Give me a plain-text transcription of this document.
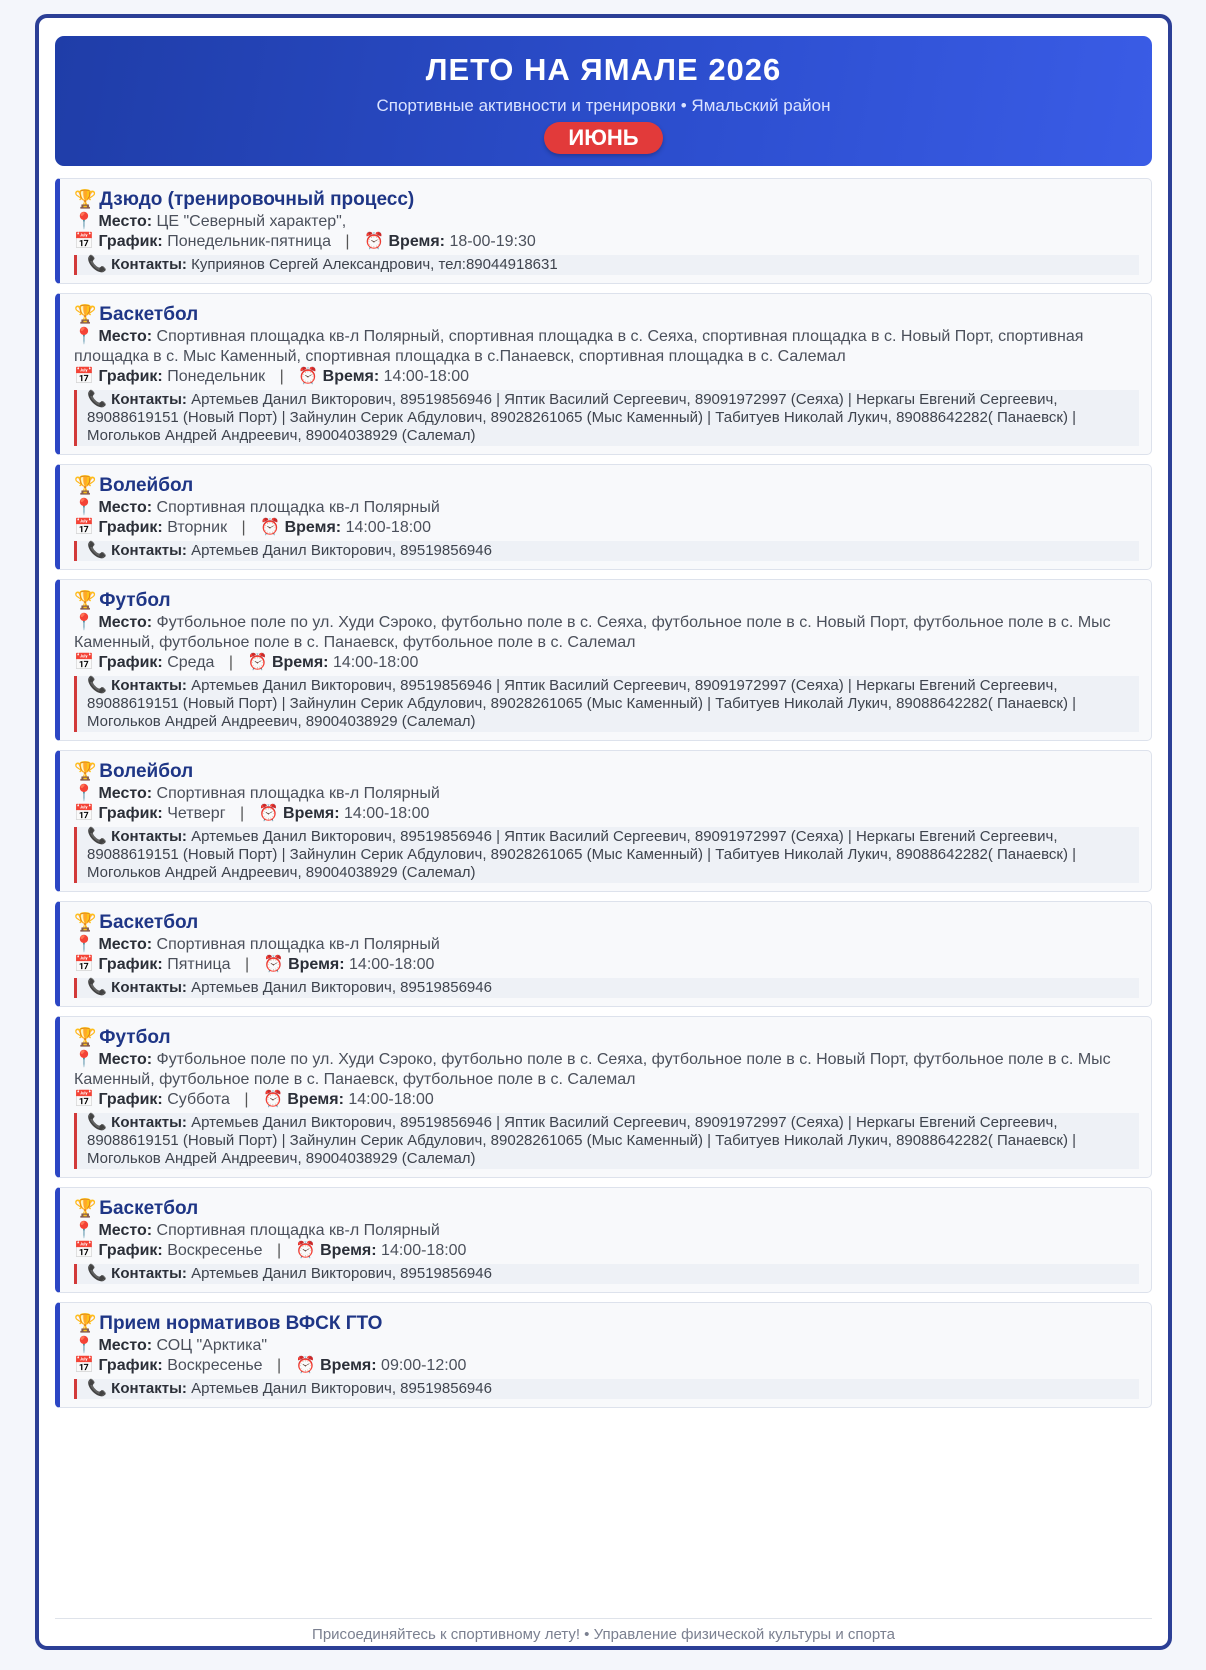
ЛЕТО НА ЯМАЛЕ 2026
Спортивные активности и тренировки • Ямальский район
ИЮНЬ
🏆 Дзюдо (тренировочный процесс)
📍 Место: ЦЕ "Северный характер",
📅 График: Понедельник-пятница | ⏰ Время: 18-00-19:30
📞 Контакты: Куприянов Сергей Александрович, тел:89044918631
🏆 Баскетбол
📍 Место: Спортивная площадка кв-л Полярный, спортивная площадка в с. Сеяха, спортивная площадка в с. Новый Порт, спортивная площадка в с. Мыс Каменный, спортивная площадка в с.Панаевск, спортивная площадка в с. Салемал
📅 График: Понедельник | ⏰ Время: 14:00-18:00
📞 Контакты: Артемьев Данил Викторович, 89519856946 | Яптик Василий Сергеевич, 89091972997 (Сеяха) | Неркагы Евгений Сергеевич, 89088619151 (Новый Порт) | Зайнулин Серик Абдулович, 89028261065 (Мыс Каменный) | Табитуев Николай Лукич, 89088642282( Панаевск) | Могольков Андрей Андреевич, 89004038929 (Салемал)
🏆 Волейбол
📍 Место: Спортивная площадка кв-л Полярный
📅 График: Вторник | ⏰ Время: 14:00-18:00
📞 Контакты: Артемьев Данил Викторович, 89519856946
🏆 Футбол
📍 Место: Футбольное поле по ул. Худи Сэроко, футбольно поле в с. Сеяха, футбольное поле в с. Новый Порт, футбольное поле в с. Мыс Каменный, футбольное поле в с. Панаевск, футбольное поле в с. Салемал
📅 График: Среда | ⏰ Время: 14:00-18:00
📞 Контакты: Артемьев Данил Викторович, 89519856946 | Яптик Василий Сергеевич, 89091972997 (Сеяха) | Неркагы Евгений Сергеевич, 89088619151 (Новый Порт) | Зайнулин Серик Абдулович, 89028261065 (Мыс Каменный) | Табитуев Николай Лукич, 89088642282( Панаевск) | Могольков Андрей Андреевич, 89004038929 (Салемал)
🏆 Волейбол
📍 Место: Спортивная площадка кв-л Полярный
📅 График: Четверг | ⏰ Время: 14:00-18:00
📞 Контакты: Артемьев Данил Викторович, 89519856946 | Яптик Василий Сергеевич, 89091972997 (Сеяха) | Неркагы Евгений Сергеевич, 89088619151 (Новый Порт) | Зайнулин Серик Абдулович, 89028261065 (Мыс Каменный) | Табитуев Николай Лукич, 89088642282( Панаевск) | Могольков Андрей Андреевич, 89004038929 (Салемал)
🏆 Баскетбол
📍 Место: Спортивная площадка кв-л Полярный
📅 График: Пятница | ⏰ Время: 14:00-18:00
📞 Контакты: Артемьев Данил Викторович, 89519856946
🏆 Футбол
📍 Место: Футбольное поле по ул. Худи Сэроко, футбольно поле в с. Сеяха, футбольное поле в с. Новый Порт, футбольное поле в с. Мыс Каменный, футбольное поле в с. Панаевск, футбольное поле в с. Салемал
📅 График: Суббота | ⏰ Время: 14:00-18:00
📞 Контакты: Артемьев Данил Викторович, 89519856946 | Яптик Василий Сергеевич, 89091972997 (Сеяха) | Неркагы Евгений Сергеевич, 89088619151 (Новый Порт) | Зайнулин Серик Абдулович, 89028261065 (Мыс Каменный) | Табитуев Николай Лукич, 89088642282( Панаевск) | Могольков Андрей Андреевич, 89004038929 (Салемал)
🏆 Баскетбол
📍 Место: Спортивная площадка кв-л Полярный
📅 График: Воскресенье | ⏰ Время: 14:00-18:00
📞 Контакты: Артемьев Данил Викторович, 89519856946
🏆 Прием нормативов ВФСК ГТО
📍 Место: СОЦ "Арктика"
📅 График: Воскресенье | ⏰ Время: 09:00-12:00
📞 Контакты: Артемьев Данил Викторович, 89519856946
Присоединяйтесь к спортивному лету! • Управление физической культуры и спорта
